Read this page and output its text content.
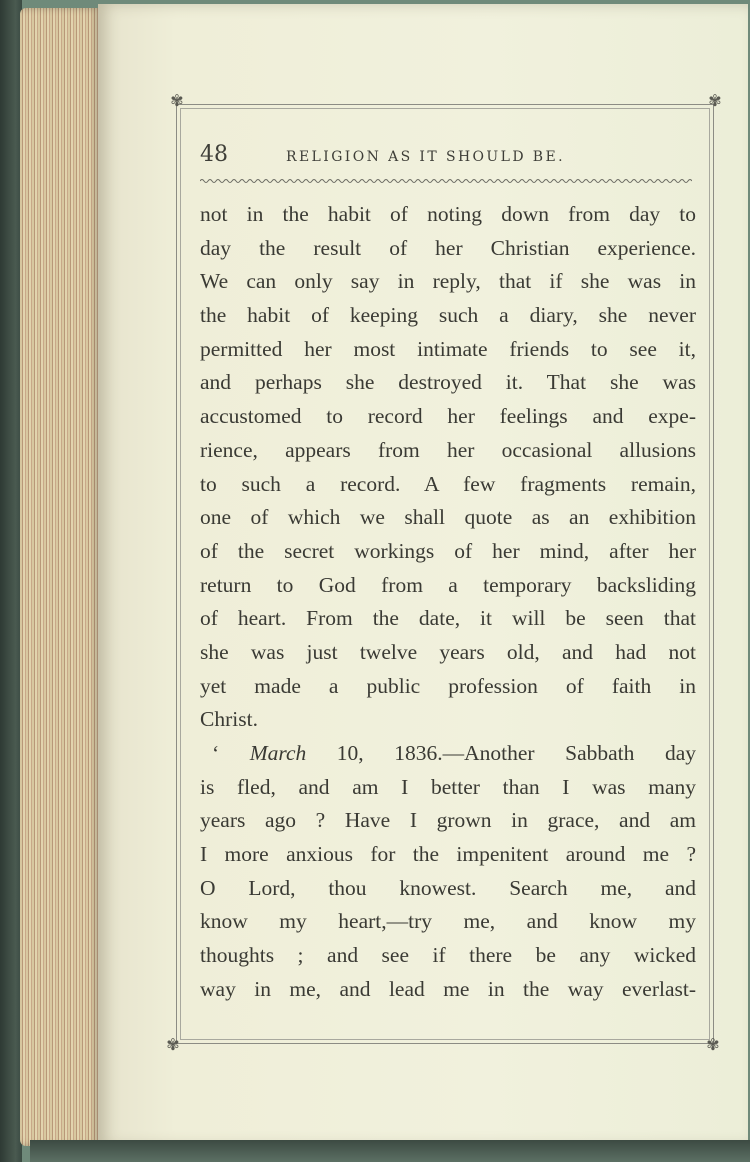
✾	✾
✾	✾
48	RELIGION AS IT SHOULD BE.
not in the habit of noting down from day to
day the result of her Christian experience.
We can only say in reply, that if she was in
the habit of keeping such a diary, she never
permitted her most intimate friends to see it,
and perhaps she destroyed it. That she was
accustomed to record her feelings and expe-
rience, appears from her occasional allusions
to such a record. A few fragments remain,
one of which we shall quote as an exhibition
of the secret workings of her mind, after her
return to God from a temporary backsliding
of heart. From the date, it will be seen that
she was just twelve years old, and had not
yet made a public profession of faith in
Christ.
‘ March 10, 1836.—Another Sabbath day
is fled, and am I better than I was many
years ago ? Have I grown in grace, and am
I more anxious for the impenitent around me ?
O Lord, thou knowest. Search me, and
know my heart,—try me, and know my
thoughts ; and see if there be any wicked
way in me, and lead me in the way everlast-
